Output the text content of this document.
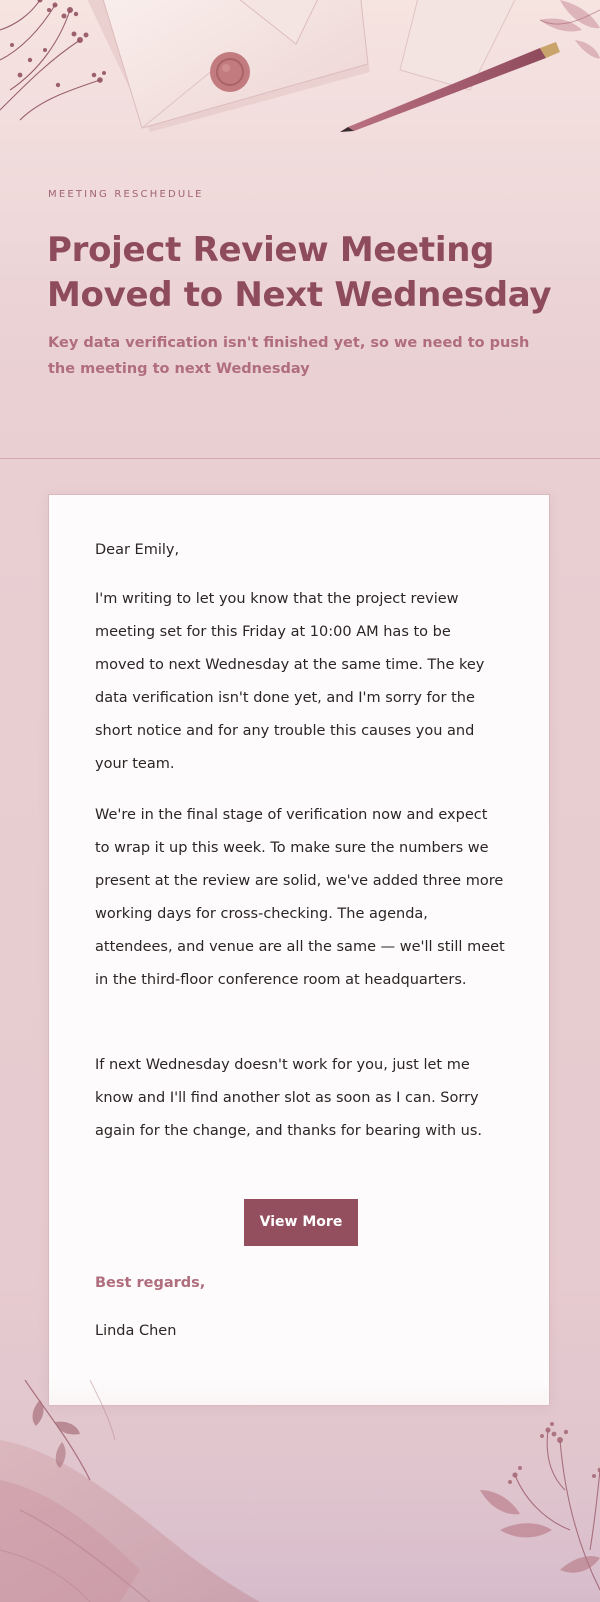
MEETING RESCHEDULE
Project Review Meeting Moved to Next Wednesday

Key data verification isn't finished yet, so we need to push the meeting to next Wednesday

Dear Emily,

I'm writing to let you know that the project review meeting set for this Friday at 10:00 AM has to be moved to next Wednesday at the same time. The key data verification isn't done yet, and I'm sorry for the short notice and for any trouble this causes you and your team.

We're in the final stage of verification now and expect to wrap it up this week. To make sure the numbers we present at the review are solid, we've added three more working days for cross-checking. The agenda, attendees, and venue are all the same — we'll still meet in the third-floor conference room at headquarters.

If next Wednesday doesn't work for you, just let me know and I'll find another slot as soon as I can. Sorry again for the change, and thanks for bearing with us.

View More

Best regards,

Linda Chen
